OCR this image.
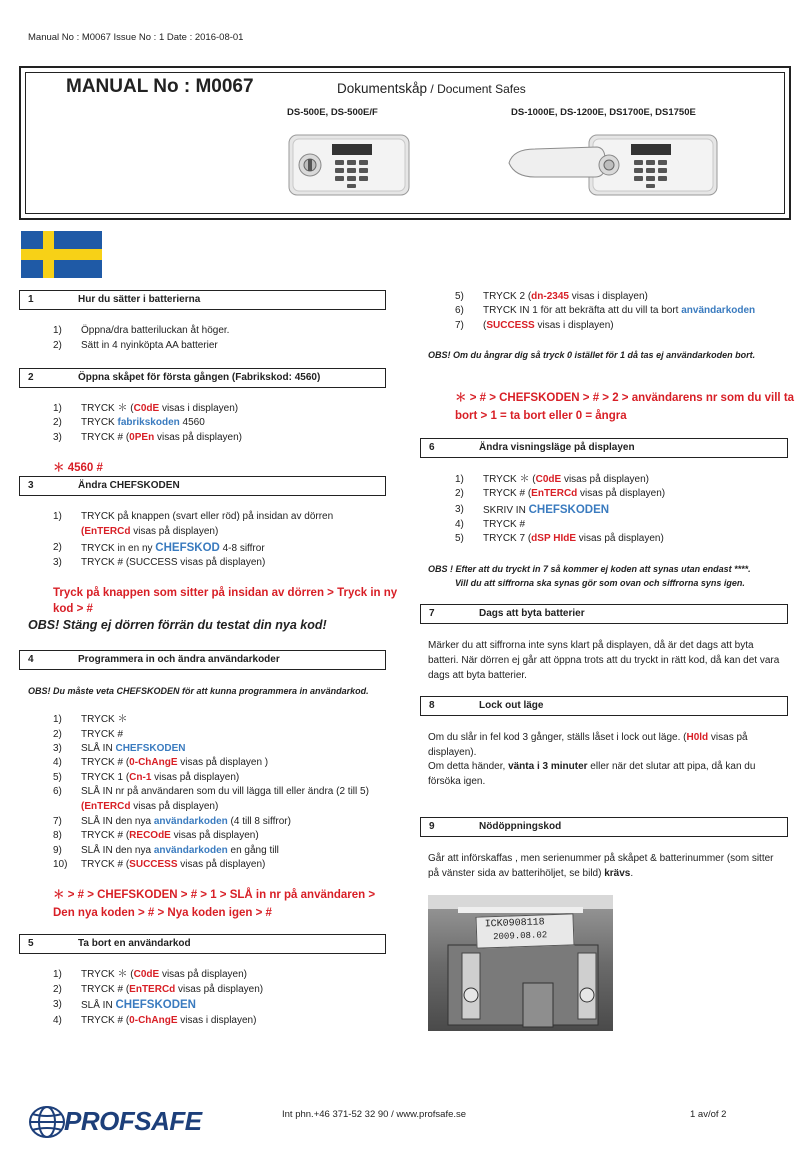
Manual No : M0067 Issue No : 1 Date : 2016-08-01
MANUAL No : M0067	Dokumentskåp / Document Safes
DS-500E, DS-500E/F	DS-1000E, DS-1200E, DS1700E, DS1750E
1	Hur du sätter i batterierna
1)	Öppna/dra batteriluckan åt höger.
2)	Sätt in 4 nyinköpta AA batterier
2	Öppna skåpet för första gången (Fabrikskod: 4560)
1)	TRYCK ＊ (C0dE visas i displayen)
2)	TRYCK fabrikskoden 4560
3)	TRYCK # (0PEn visas på displayen)
＊ 4560 #
3	Ändra CHEFSKODEN
1)	TRYCK på knappen (svart eller röd) på insidan av dörren
(EnTERCd visas på displayen)
2)	TRYCK in en ny CHEFSKOD 4-8 siffror
3)	TRYCK # (SUCCESS visas på displayen)
Tryck på knappen som sitter på insidan av dörren > Tryck in ny
kod > #
OBS! Stäng ej dörren förrän du testat din nya kod!
4	Programmera in och ändra användarkoder
OBS! Du måste veta CHEFSKODEN för att kunna programmera in användarkod.
1)	TRYCK ＊
2)	TRYCK #
3)	SLÅ IN CHEFSKODEN
4)	TRYCK # (0-ChAngE visas på displayen )
5)	TRYCK 1 (Cn-1 visas på displayen)
6)	SLÅ IN nr på användaren som du vill lägga till eller ändra (2 till 5)
(EnTERCd visas på displayen)
7)	SLÅ IN den nya användarkoden (4 till 8 siffror)
8)	TRYCK # (RECOdE visas på displayen)
9)	SLÅ IN den nya användarkoden en gång till
10)	TRYCK # (SUCCESS visas på displayen)
＊ > # > CHEFSKODEN > # > 1 > SLÅ in nr på användaren >
Den nya koden > # > Nya koden igen > #
5	Ta bort en användarkod
1)	TRYCK ＊ (C0dE visas på displayen)
2)	TRYCK # (EnTERCd visas på displayen)
3)	SLÅ IN CHEFSKODEN
4)	TRYCK # (0-ChAngE visas i displayen)
5)	TRYCK 2 (dn-2345 visas i displayen)
6)	TRYCK IN 1 för att bekräfta att du vill ta bort användarkoden
7)	(SUCCESS visas i displayen)
OBS! Om du ångrar dig så tryck 0 istället för 1 då tas ej användarkoden bort.
＊ > # > CHEFSKODEN > # > 2 > användarens nr som du vill ta
bort > 1 = ta bort eller 0 = ångra
6	Ändra visningsläge på displayen
1)	TRYCK ＊ (C0dE visas på displayen)
2)	TRYCK # (EnTERCd visas på displayen)
3)	SKRIV IN CHEFSKODEN
4)	TRYCK #
5)	TRYCK 7 (dSP HIdE visas på displayen)
OBS ! Efter att du tryckt in 7 så kommer ej koden att synas utan endast ****.
Vill du att siffrorna ska synas gör som ovan och siffrorna syns igen.
7	Dags att byta batterier
Märker du att siffrorna inte syns klart på displayen, då är det dags att byta batteri. När dörren ej går att öppna trots att du tryckt in rätt kod, då kan det vara dags att byta batterier.
8	Lock out läge
Om du slår in fel kod 3 gånger, ställs låset i lock out läge. (H0ld visas på displayen).
Om detta händer, vänta i 3 minuter eller när det slutar att pipa, då kan du försöka igen.
9	Nödöppningskod
Går att införskaffas , men serienummer på skåpet & batterinummer (som sitter på vänster sida av batterihöljet, se bild) krävs.
ICK0908118
2009.08.02
PROFSAFE	Int phn.+46 371-52 32 90 / www.profsafe.se	1 av/of 2
